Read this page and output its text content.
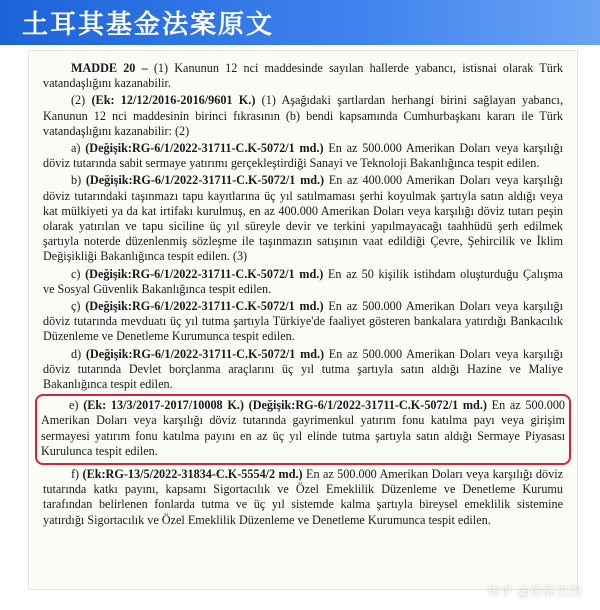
土耳其基金法案原文

MADDE 20 – (1) Kanunun 12 nci maddesinde sayılan hallerde yabancı, istisnai olarak Türk vatandaşlığını kazanabilir.

(2) (Ek: 12/12/2016-2016/9601 K.) (1) Aşağıdaki şartlardan herhangi birini sağlayan yabancı, Kanunun 12 nci maddesinin birinci fıkrasının (b) bendi kapsamında Cumhurbaşkanı kararı ile Türk vatandaşlığını kazanabilir: (2)

a) (Değişik:RG-6/1/2022-31711-C.K-5072/1 md.) En az 500.000 Amerikan Doları veya karşılığı döviz tutarında sabit sermaye yatırımı gerçekleştirdiği Sanayi ve Teknoloji Bakanlığınca tespit edilen.

b) (Değişik:RG-6/1/2022-31711-C.K-5072/1 md.) En az 400.000 Amerikan Doları veya karşılığı döviz tutarındaki taşınmazı tapu kayıtlarına üç yıl satılmaması şerhi koyulmak şartıyla satın aldığı veya kat mülkiyeti ya da kat irtifakı kurulmuş, en az 400.000 Amerikan Doları veya karşılığı döviz tutarı peşin olarak yatırılan ve tapu siciline üç yıl süreyle devir ve terkini yapılmayacağı taahhüdü şerh edilmek şartıyla noterde düzenlenmiş sözleşme ile taşınmazın satışının vaat edildiği Çevre, Şehircilik ve İklim Değişikliği Bakanlığınca tespit edilen. (3)

c) (Değişik:RG-6/1/2022-31711-C.K-5072/1 md.) En az 50 kişilik istihdam oluşturduğu Çalışma ve Sosyal Güvenlik Bakanlığınca tespit edilen.

ç) (Değişik:RG-6/1/2022-31711-C.K-5072/1 md.) En az 500.000 Amerikan Doları veya karşılığı döviz tutarında mevduatı üç yıl tutma şartıyla Türkiye'de faaliyet gösteren bankalara yatırdığı Bankacılık Düzenleme ve Denetleme Kurumunca tespit edilen.

d) (Değişik:RG-6/1/2022-31711-C.K-5072/1 md.) En az 500.000 Amerikan Doları veya karşılığı döviz tutarında Devlet borçlanma araçlarını üç yıl tutma şartıyla satın aldığı Hazine ve Maliye Bakanlığınca tespit edilen.

e) (Ek: 13/3/2017-2017/10008 K.) (Değişik:RG-6/1/2022-31711-C.K-5072/1 md.) En az 500.000 Amerikan Doları veya karşılığı döviz tutarında gayrimenkul yatırım fonu katılma payı veya girişim sermayesi yatırım fonu katılma payını en az üç yıl elinde tutma şartıyla satın aldığı Sermaye Piyasası Kurulunca tespit edilen.

f) (Ek:RG-13/5/2022-31834-C.K-5554/2 md.) En az 500.000 Amerikan Doları veya karşılığı döviz tutarında katkı payını, kapsamı Sigortacılık ve Özel Emeklilik Düzenleme ve Denetleme Kurumu tarafından belirlenen fonlarda tutma ve üç yıl sistemde kalma şartıyla bireysel emeklilik sistemine yatırdığı Sigortacılık ve Özel Emeklilik Düzenleme ve Denetleme Kurumunca tespit edilen.

知乎 @侨驿出国
